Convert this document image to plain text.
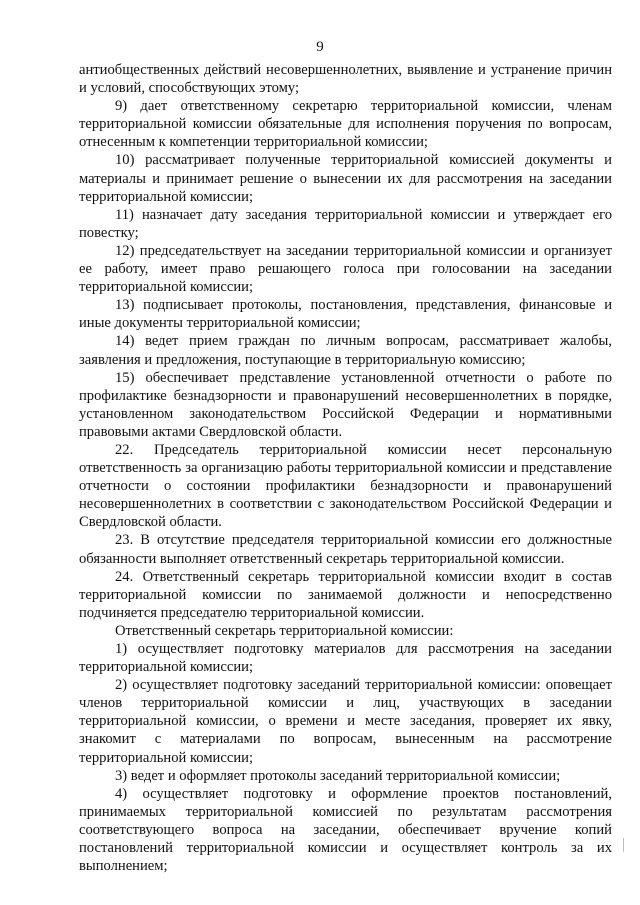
9

антиобщественных действий несовершеннолетних, выявление и устранение причин и условий, способствующих этому;

9) дает ответственному секретарю территориальной комиссии, членам территориальной комиссии обязательные для исполнения поручения по вопросам, отнесенным к компетенции территориальной комиссии;

10) рассматривает полученные территориальной комиссией документы и материалы и принимает решение о вынесении их для рассмотрения на заседании территориальной комиссии;

11) назначает дату заседания территориальной комиссии и утверждает его повестку;

12) председательствует на заседании территориальной комиссии и организует ее работу, имеет право решающего голоса при голосовании на заседании территориальной комиссии;

13) подписывает протоколы, постановления, представления, финансовые и иные документы территориальной комиссии;

14) ведет прием граждан по личным вопросам, рассматривает жалобы, заявления и предложения, поступающие в территориальную комиссию;

15) обеспечивает представление установленной отчетности о работе по профилактике безнадзорности и правонарушений несовершеннолетних в порядке, установленном законодательством Российской Федерации и нормативными правовыми актами Свердловской области.

22. Председатель территориальной комиссии несет персональную ответственность за организацию работы территориальной комиссии и представление отчетности о состоянии профилактики безнадзорности и правонарушений несовершеннолетних в соответствии с законодательством Российской Федерации и Свердловской области.

23. В отсутствие председателя территориальной комиссии его должностные обязанности выполняет ответственный секретарь территориальной комиссии.

24. Ответственный секретарь территориальной комиссии входит в состав территориальной комиссии по занимаемой должности и непосредственно подчиняется председателю территориальной комиссии.

Ответственный секретарь территориальной комиссии:

1) осуществляет подготовку материалов для рассмотрения на заседании территориальной комиссии;

2) осуществляет подготовку заседаний территориальной комиссии: оповещает членов территориальной комиссии и лиц, участвующих в заседании территориальной комиссии, о времени и месте заседания, проверяет их явку, знакомит с материалами по вопросам, вынесенным на рассмотрение территориальной комиссии;

3) ведет и оформляет протоколы заседаний территориальной комиссии;

4) осуществляет подготовку и оформление проектов постановлений, принимаемых территориальной комиссией по результатам рассмотрения соответствующего вопроса на заседании, обеспечивает вручение копий постановлений территориальной комиссии и осуществляет контроль за их выполнением;
